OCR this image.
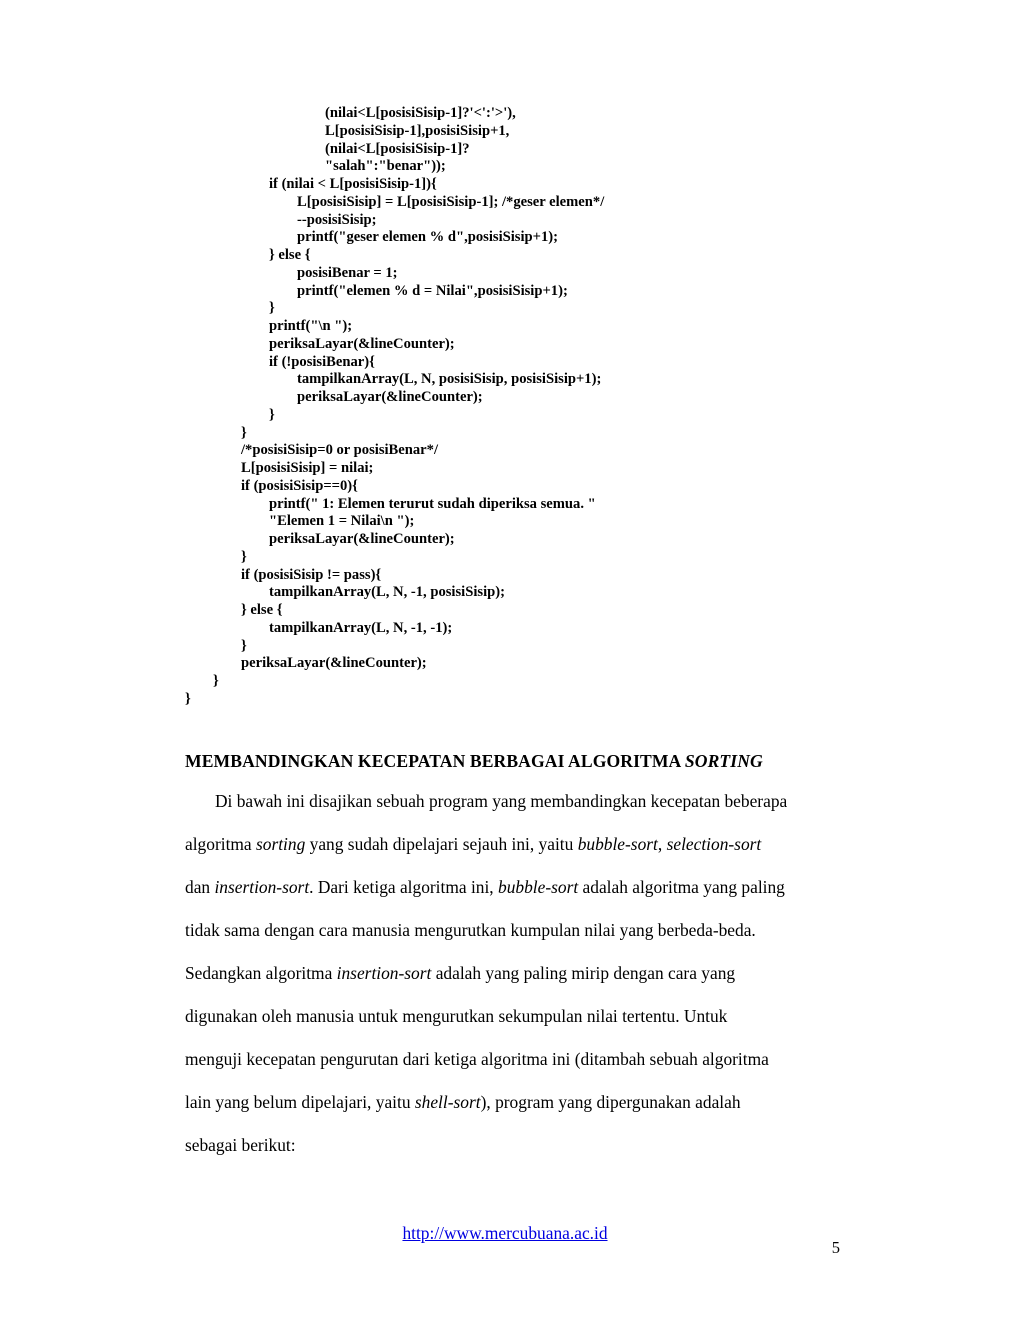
(nilai<L[posisiSisip-1]?'<':'>'),
L[posisiSisip-1],posisiSisip+1,
(nilai<L[posisiSisip-1]?
"salah":"benar"));
if (nilai < L[posisiSisip-1]){
L[posisiSisip] = L[posisiSisip-1]; /*geser elemen*/
--posisiSisip;
printf("geser elemen % d",posisiSisip+1);
} else {
posisiBenar = 1;
printf("elemen % d = Nilai",posisiSisip+1);
}
printf("\n ");
periksaLayar(&lineCounter);
if (!posisiBenar){
tampilkanArray(L, N, posisiSisip, posisiSisip+1);
periksaLayar(&lineCounter);
}
}
/*posisiSisip=0 or posisiBenar*/
L[posisiSisip] = nilai;
if (posisiSisip==0){
printf(" 1: Elemen terurut sudah diperiksa semua. "
"Elemen 1 = Nilai\n ");
periksaLayar(&lineCounter);
}
if (posisiSisip != pass){
tampilkanArray(L, N, -1, posisiSisip);
} else {
tampilkanArray(L, N, -1, -1);
}
periksaLayar(&lineCounter);
}
}
MEMBANDINGKAN KECEPATAN BERBAGAI ALGORITMA SORTING
Di bawah ini disajikan sebuah program yang membandingkan kecepatan beberapa
algoritma sorting yang sudah dipelajari sejauh ini, yaitu bubble-sort, selection-sort
dan insertion-sort. Dari ketiga algoritma ini, bubble-sort adalah algoritma yang paling
tidak sama dengan cara manusia mengurutkan kumpulan nilai yang berbeda-beda.
Sedangkan algoritma insertion-sort adalah yang paling mirip dengan cara yang
digunakan oleh manusia untuk mengurutkan sekumpulan nilai tertentu. Untuk
menguji kecepatan pengurutan dari ketiga algoritma ini (ditambah sebuah algoritma
lain yang belum dipelajari, yaitu shell-sort), program yang dipergunakan adalah
sebagai berikut:
http://www.mercubuana.ac.id
5
